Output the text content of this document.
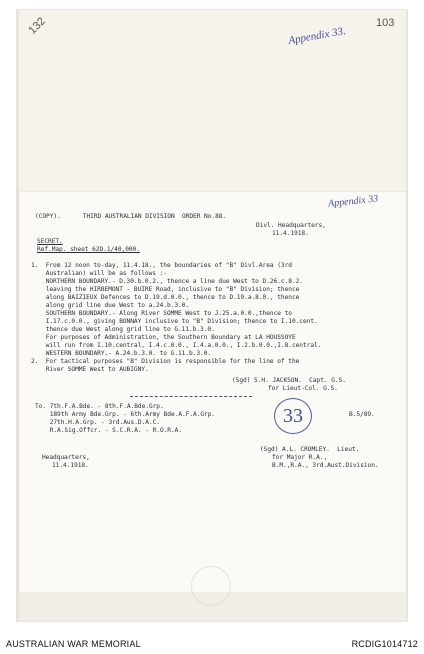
132	103
Appendix 33.
Appendix 33
(COPY).      THIRD AUSTRALIAN DIVISION  ORDER No.88.
Divl. Headquarters,
11.4.1918.
SECRET.
Ref.Map. sheet 62D.1/40,000.
1.  From 12 noon to-day, 11.4.18., the boundaries of "B" Divl.Area (3rd
Australian) will be as follows :-
NORTHERN BOUNDARY.- D.30.b.0.2., thence a line due West to D.26.c.8.2.
leaving the HIRBEMONT - BUIRE Road, inclusive to "B" Division; thence
along BAIZIEUX Defences to D.19.d.0.0., thence to D.19.a.8.0., thence
along grid line due West to a.24.b.3.0.
SOUTHERN BOUNDARY.- Along River SOMME West to J.25.a.0.0.,thence to
I.17.c.0.0., giving BONNAY inclusive to "B" Division; thence to I.10.cent.
thence due West along grid line to G.11.b.3.0.
For purposes of Administration, the Southern Boundary at LA HOUSSOYE
will run from I.10.central, I.4.c.0.0., I.4.a.0.0., I.2.b.0.0.,I.8.central.
WESTERN BOUNDARY.- A.24.b.3.0. to G.11.b.3.0.
2.  For tactical purposes "B" Division is responsible for the line of the
River SOMME West to AUBIGNY.
(Sgd) S.H. JACKSON.  Capt. G.S.
for Lieut-Col. G.S.
To. 7th.F.A.Bde. - 8th.F.A.Bde.Grp.
189th Army Bde.Grp. - 6th.Army Bde.A.F.A.Grp.
27th.H.A.Grp. - 3rd.Aus.D.A.C.
R.A.Sig.Offcr. - S.C.R.A. - R.O.R.A.
B.5/89.
33
(Sgd) A.L. CROMLEY.  Lieut.
for Major R.A.,
B.M.,R.A., 3rd.Aust.Division.
Headquarters,
11.4.1918.
AUSTRALIAN WAR MEMORIAL	RCDIG1014712
